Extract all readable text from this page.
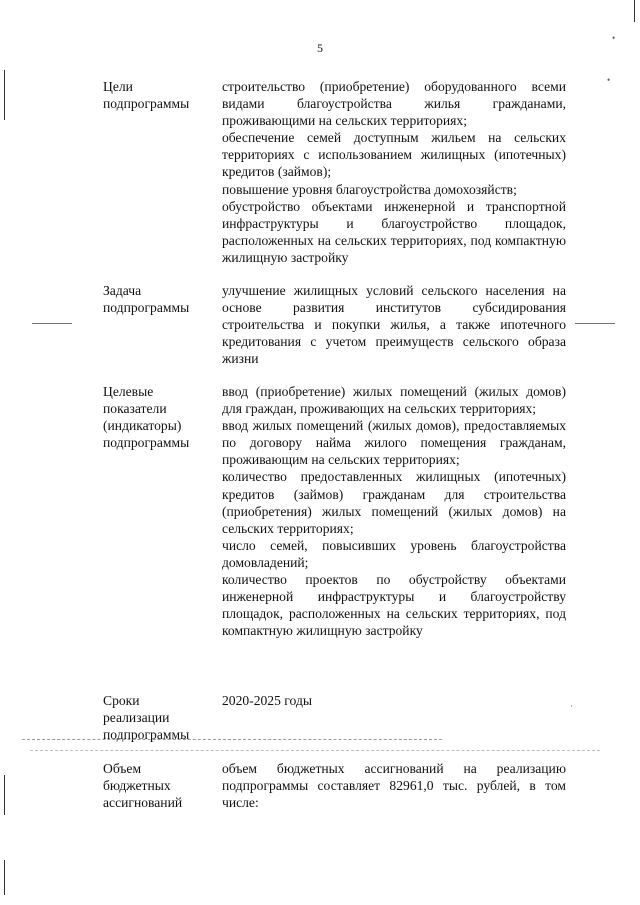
5
Цели подпрограммы

строительство (приобретение) оборудованного всеми видами благоустройства жилья гражданами, проживающими на сельских территориях;

обеспечение семей доступным жильем на сельских территориях с использованием жилищных (ипотечных) кредитов (займов);

повышение уровня благоустройства домохозяйств;

обустройство объектами инженерной и транспортной инфраструктуры и благоустройство площадок, расположенных на сельских территориях, под компактную жилищную застройку

Задача подпрограммы

улучшение жилищных условий сельского населения на основе развития институтов субсидирования строительства и покупки жилья, а также ипотечного кредитования с учетом преимуществ сельского образа жизни

Целевые показатели (индикаторы) подпрограммы

ввод (приобретение) жилых помещений (жилых домов) для граждан, проживающих на сельских территориях;

ввод жилых помещений (жилых домов), предоставляемых по договору найма жилого помещения гражданам, проживающим на сельских территориях;

количество предоставленных жилищных (ипотечных) кредитов (займов) гражданам для строительства (приобретения) жилых помещений (жилых домов) на сельских территориях;

число семей, повысивших уровень благоустройства домовладений;

количество проектов по обустройству объектами инженерной инфраструктуры и благоустройству площадок, расположенных на сельских территориях, под компактную жилищную застройку

Сроки реализации подпрограммы

2020-2025 годы

Объем бюджетных ассигнований

объем бюджетных ассигнований на реализацию подпрограммы составляет 82961,0 тыс. рублей, в том числе:

•
•
·
